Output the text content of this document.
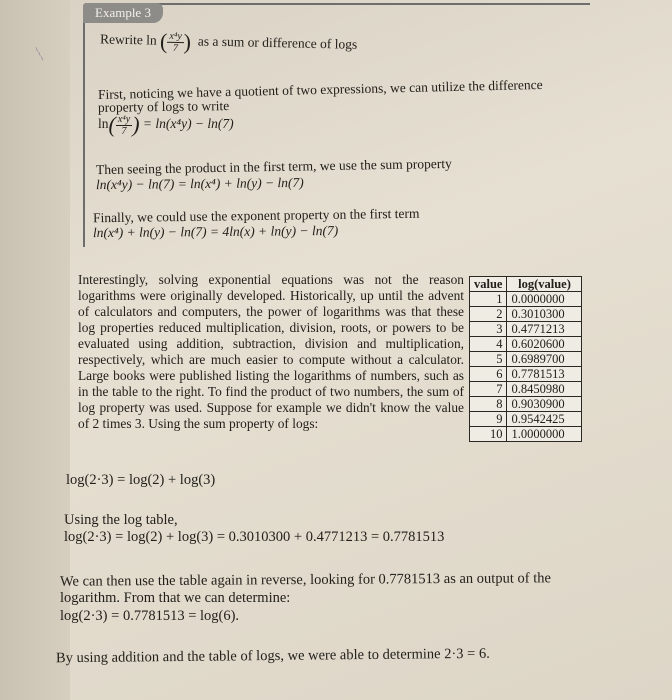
~~~
Example 3
Rewrite ln ( $\frac{\text{x⁴y}}{7}$ ) as a sum or difference of logs
First, noticing we have a quotient of two expressions, we can utilize the difference
property of logs to write
$\ln( \frac{\text{x⁴y}}{7}$ ) = ln(x⁴y) − ln(7)
Then seeing the product in the first term, we use the sum property
ln(x⁴y) − ln(7) = ln(x⁴) + ln(y) − ln(7)
Finally, we could use the exponent property on the first term
ln(x⁴) + ln(y) − ln(7) = 4ln(x) + ln(y) − ln(7)
Interestingly, solving exponential equations was not the reason logarithms were originally developed. Historically, up until the advent of calculators and computers, the power of logarithms was that these log properties reduced multiplication, division, roots, or powers to be evaluated using addition, subtraction, division and multiplication, respectively, which are much easier to compute without a calculator. Large books were published listing the logarithms of numbers, such as in the table to the right. To find the product of two numbers, the sum of log property was used. Suppose for example we didn't know the value of 2 times 3. Using the sum property of logs:
value	log(value)
1	0.0000000
2	0.3010300
3	0.4771213
4	0.6020600
5	0.6989700
6	0.7781513
7	0.8450980
8	0.9030900
9	0.9542425
10	1.0000000
log(2·3) = log(2) + log(3)
Using the log table,
log(2·3) = log(2) + log(3) = 0.3010300 + 0.4771213 = 0.7781513
We can then use the table again in reverse, looking for 0.7781513 as an output of the
logarithm. From that we can determine:
log(2·3) = 0.7781513 = log(6).
By using addition and the table of logs, we were able to determine 2·3 = 6.
